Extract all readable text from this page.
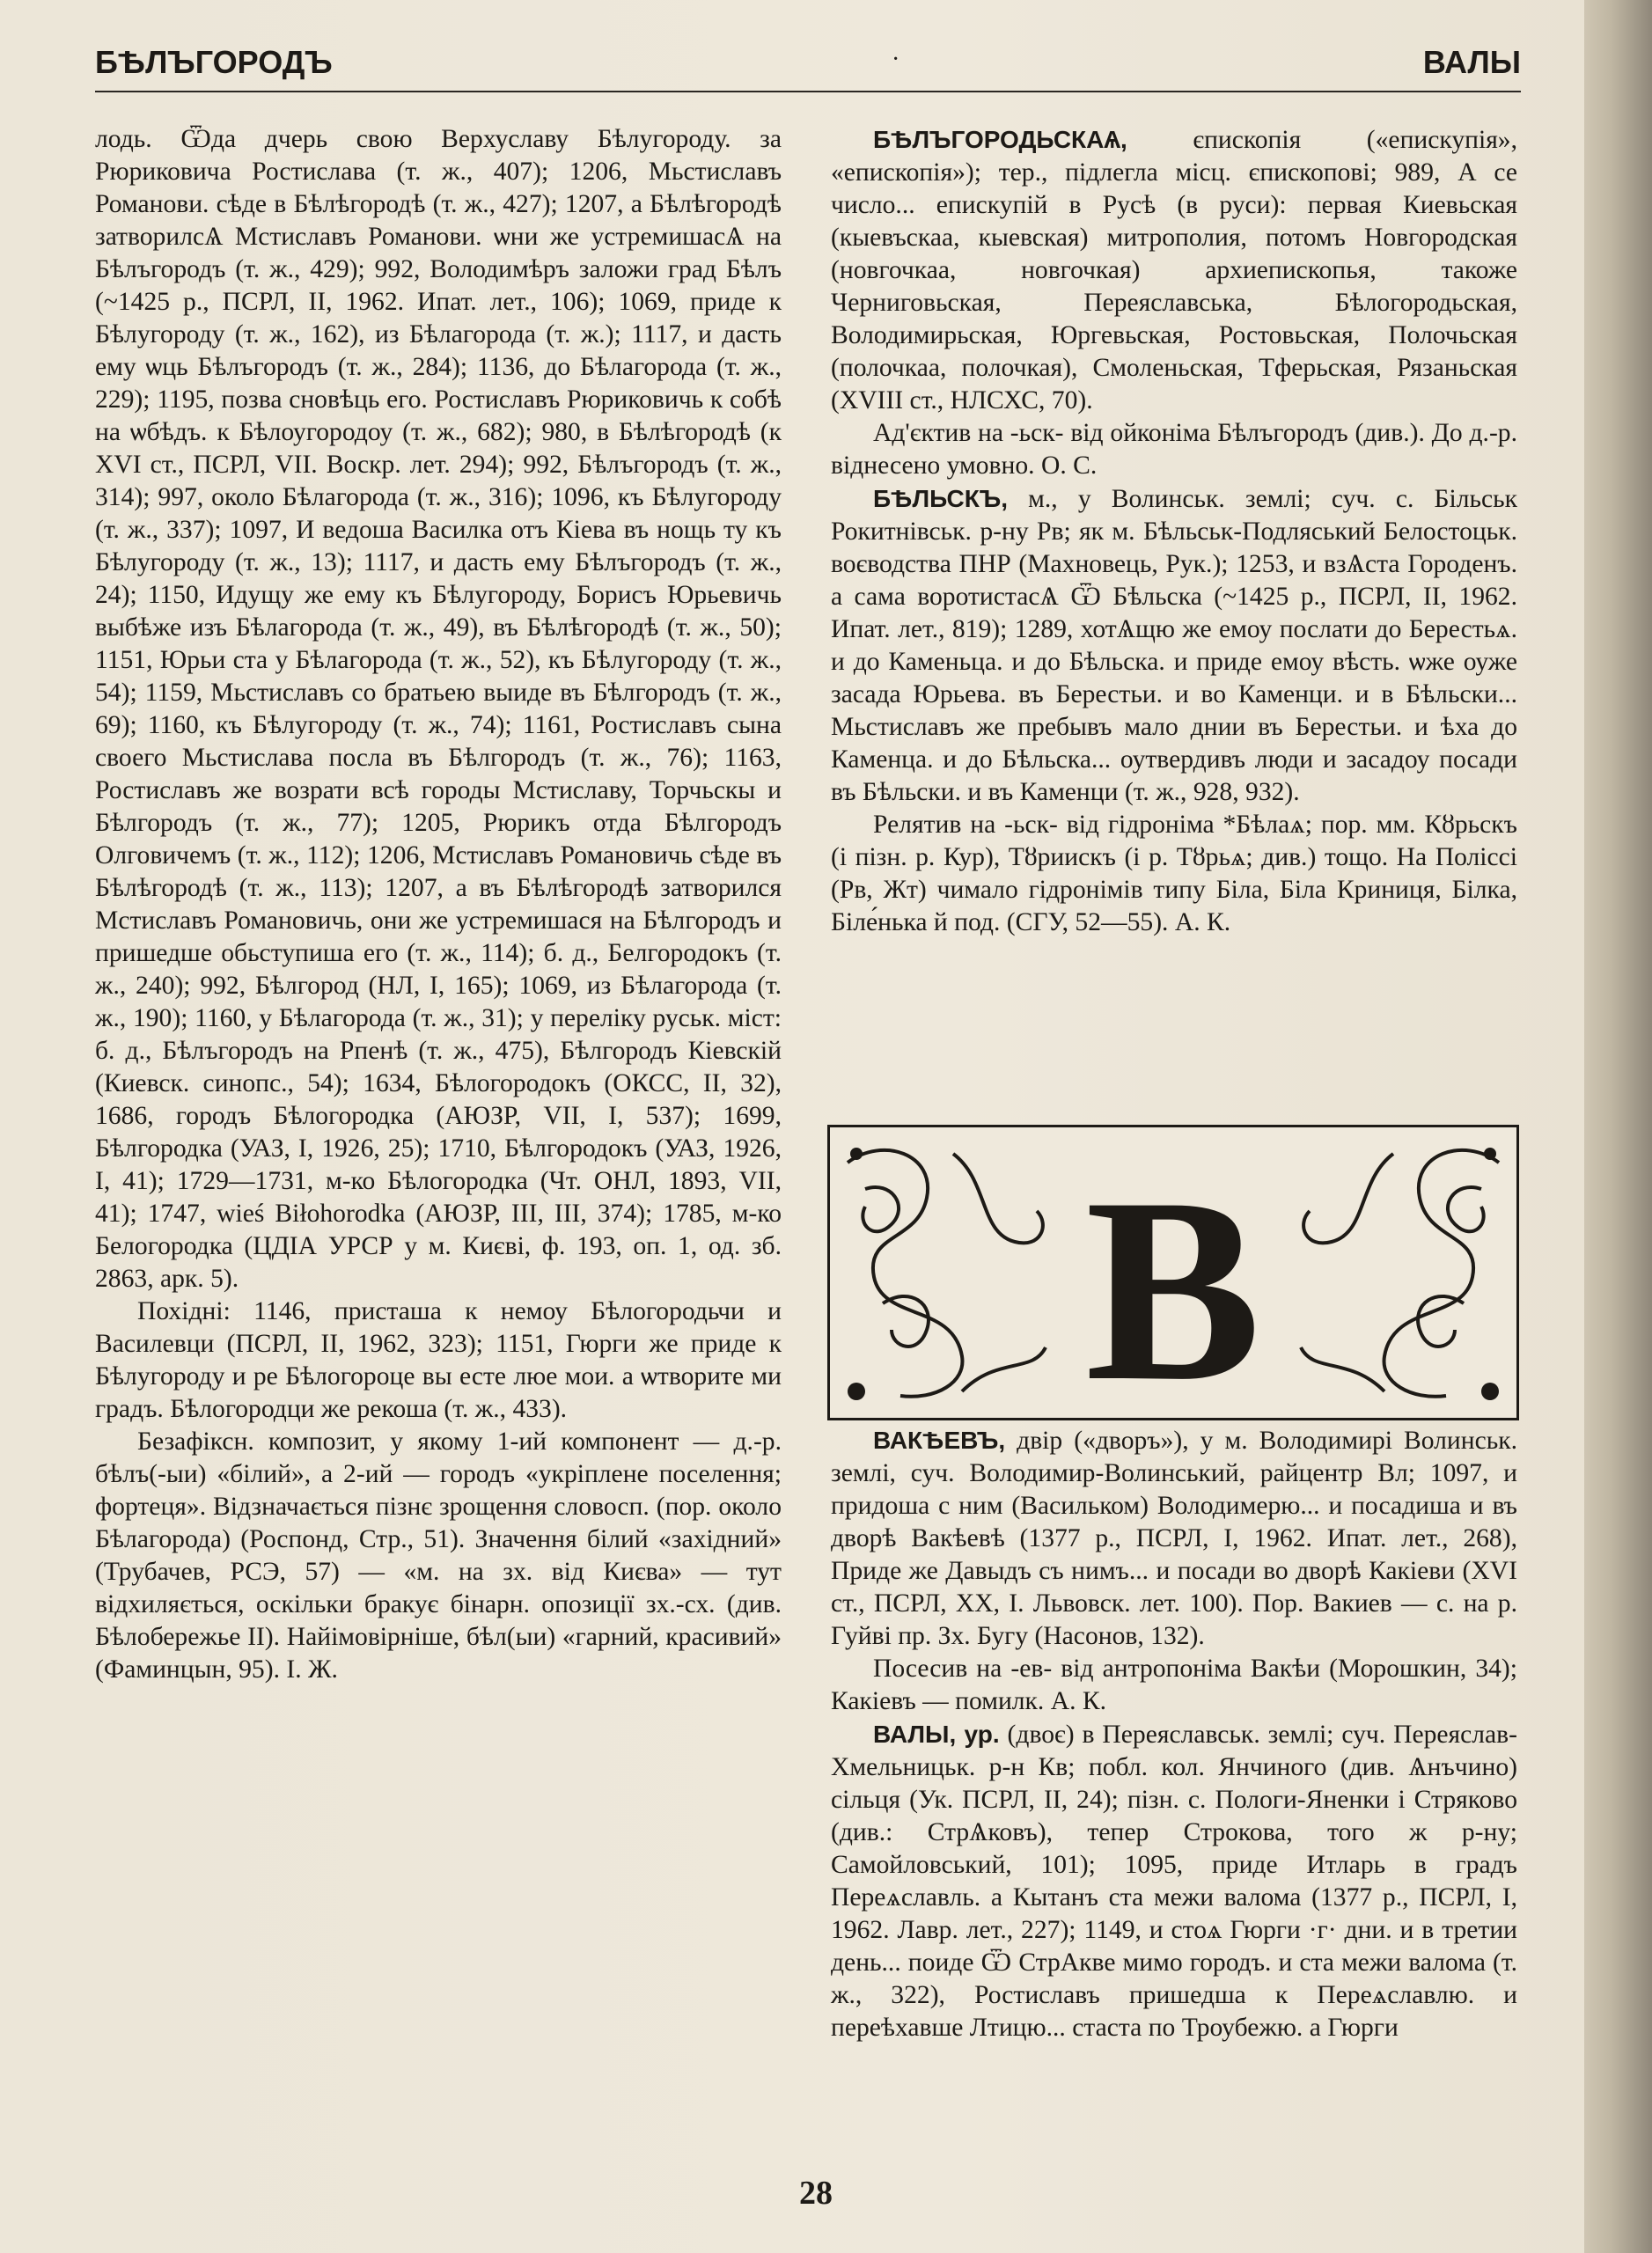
БѢЛЪГОРОДЪ	·	ВАЛЫ

лодь. Ѿда дчерь свою Верхуславу Бѣлугороду. за Рюриковича Ростислава (т. ж., 407); 1206, Мьстиславъ Романови. сѣде в Бѣлѣгородѣ (т. ж., 427); 1207, а Бѣлѣгородѣ затворилсѦ Мстиславъ Романови. ѡни же устремишасѦ на Бѣлъгородъ (т. ж., 429); 992, Володимѣръ заложи град Бѣлъ (~1425 р., ПСРЛ, II, 1962. Ипат. лет., 106); 1069, приде к Бѣлугороду (т. ж., 162), из Бѣлагорода (т. ж.); 1117, и дасть ему ѡць Бѣлъгородъ (т. ж., 284); 1136, до Бѣлагорода (т. ж., 229); 1195, позва сновѣць его. Ростиславъ Рюриковичь к собѣ на ѡбѣдъ. к Бѣлоугородоу (т. ж., 682); 980, в Бѣлѣгородѣ (к XVI ст., ПСРЛ, VII. Воскр. лет. 294); 992, Бѣлъгородъ (т. ж., 314); 997, около Бѣлагорода (т. ж., 316); 1096, къ Бѣлугороду (т. ж., 337); 1097, И ведоша Василка отъ Кіева въ нощь ту къ Бѣлугороду (т. ж., 13); 1117, и дасть ему Бѣлъгородъ (т. ж., 24); 1150, Идущу же ему къ Бѣлугороду, Борисъ Юрьевичь выбѣже изъ Бѣлагорода (т. ж., 49), въ Бѣлѣгородѣ (т. ж., 50); 1151, Юрьи ста у Бѣлагорода (т. ж., 52), къ Бѣлугороду (т. ж., 54); 1159, Мьстиславъ со братьею выиде въ Бѣлгородъ (т. ж., 69); 1160, къ Бѣлугороду (т. ж., 74); 1161, Ростиславъ сына своего Мьстислава посла въ Бѣлгородъ (т. ж., 76); 1163, Ростиславъ же возрати всѣ городы Мстиславу, Торчьскы и Бѣлгородъ (т. ж., 77); 1205, Рюрикъ отда Бѣлгородъ Олговичемъ (т. ж., 112); 1206, Мстиславъ Романовичь сѣде въ Бѣлѣгородѣ (т. ж., 113); 1207, а въ Бѣлѣгородѣ затворился Мстиславъ Романовичь, они же устремишася на Бѣлгородъ и пришедше обьступиша его (т. ж., 114); б. д., Белгородокъ (т. ж., 240); 992, Бѣлгород (НЛ, I, 165); 1069, из Бѣлагорода (т. ж., 190); 1160, у Бѣлагорода (т. ж., 31); у переліку руськ. міст: б. д., Бѣлъгородъ на Рпенѣ (т. ж., 475), Бѣлгородъ Кіевскій (Киевск. синопс., 54); 1634, Бѣлогородокъ (ОКСС, II, 32), 1686, городъ Бѣлогородка (АЮЗР, VII, I, 537); 1699, Бѣлгородка (УАЗ, I, 1926, 25); 1710, Бѣлгородокъ (УАЗ, 1926, I, 41); 1729—1731, м-ко Бѣлогородка (Чт. ОНЛ, 1893, VII, 41); 1747, wieś Biłohorodka (АЮЗР, III, III, 374); 1785, м-ко Белогородка (ЦДІА УРСР у м. Києві, ф. 193, оп. 1, од. зб. 2863, арк. 5).

Похідні: 1146, присташа к немоу Бѣлогородьчи и Василевци (ПСРЛ, II, 1962, 323); 1151, Гюрги же приде к Бѣлугороду и ре Бѣлогороце вы есте люе мои. а ѡтворите ми градъ. Бѣлогородци же рекоша (т. ж., 433).

Безафіксн. композит, у якому 1-ий компонент — д.-р. бѣлъ(-ыи) «білий», а 2-ий — городъ «укріплене поселення; фортеця». Відзначається пізнє зрощення словосп. (пор. около Бѣлагорода) (Роспонд, Стр., 51). Значення білий «західний» (Трубачев, РСЭ, 57) — «м. на зх. від Києва» — тут відхиляється, оскільки бракує бінарн. опозиції зх.-сх. (див. Бѣлобережье II). Найімовірніше, бѣл(ыи) «гарний, красивий» (Фаминцын, 95). І. Ж.

БѢЛЪГОРОДЬСКАѦ, єпископія («епискупія», «епископія»); тер., підлегла місц. єпископові; 989, А се число... епискупій в Русѣ (в руси): первая Киевьская (кыевъскаа, кыевская) митрополия, потомъ Новгородская (новгочкаа, новгочкая) архиепископья, такоже Черниговьская, Переяславська, Бѣлогородьская, Володимирьская, Юргевьская, Ростовьская, Полочьская (полочкаа, полочкая), Смоленьская, Тферьская, Рязаньская (XVIII ст., НЛСХС, 70).

Ад'єктив на -ьск- від ойконіма Бѣлъгородъ (див.). До д.-р. віднесено умовно. О. С.

БѢЛЬСКЪ, м., у Волинськ. землі; суч. с. Більськ Рокитнівськ. р-ну Рв; як м. Бѣльськ-Подляський Белостоцьк. воєводства ПНР (Махновець, Рук.); 1253, и взѦста Городенъ. а сама воротистасѦ Ѿ Бѣльска (~1425 р., ПСРЛ, II, 1962. Ипат. лет., 819); 1289, хотѦщю же емоу послати до Берестьѧ. и до Каменьца. и до Бѣльска. и приде емоу вѣсть. ѡже оуже засада Юрьева. въ Берестьи. и во Каменци. и в Бѣльски... Мьстиславъ же пребывъ мало днии въ Берестьи. и ѣха до Каменца. и до Бѣльска... оутвердивъ люди и засадоу посади въ Бѣльски. и въ Каменци (т. ж., 928, 932).

Релятив на -ьск- від гідроніма *Бѣлаѧ; пор. мм. Кȣрьскъ (і пізн. р. Кур), Тȣриискъ (і р. Тȣрьѧ; див.) тощо. На Поліссі (Рв, Жт) чимало гідронімів типу Біла, Біла Криниця, Білка, Біле́нька й под. (СГУ, 52—55). А. К.

В

ВАКѢЕВЪ, двір («дворъ»), у м. Володимирі Волинськ. землі, суч. Володимир-Волинський, райцентр Вл; 1097, и придоша с ним (Васильком) Володимерю... и посадиша и въ дворѣ Вакѣевѣ (1377 р., ПСРЛ, I, 1962. Ипат. лет., 268), Приде же Давыдъ съ нимъ... и посади во дворѣ Какіеви (XVI ст., ПСРЛ, XX, I. Львовск. лет. 100). Пор. Вакиев — с. на р. Гуйві пр. Зх. Бугу (Насонов, 132).

Посесив на -ев- від антропоніма Вакѣи (Морошкин, 34); Какіевъ — помилк. А. К.

ВАЛЫ, ур. (двоє) в Переяславськ. землі; суч. Переяслав-Хмельницьк. р-н Кв; побл. кол. Янчиного (див. Ѧнъчино) сільця (Ук. ПСРЛ, II, 24); пізн. с. Пологи-Яненки і Стряково (див.: СтрѦковъ), тепер Строкова, того ж р-ну; Самойловський, 101); 1095, приде Итларь в градъ Переѧславль. а Кытанъ ста межи валома (1377 р., ПСРЛ, I, 1962. Лавр. лет., 227); 1149, и стоѧ Гюрги ·г· дни. и в третии день... поиде Ѿ СтрАкве мимо городъ. и ста межи валома (т. ж., 322), Ростиславъ пришедша к Переѧславлю. и переѣхавше Лтицю... стаста по Троубежю. а Гюрги

28
